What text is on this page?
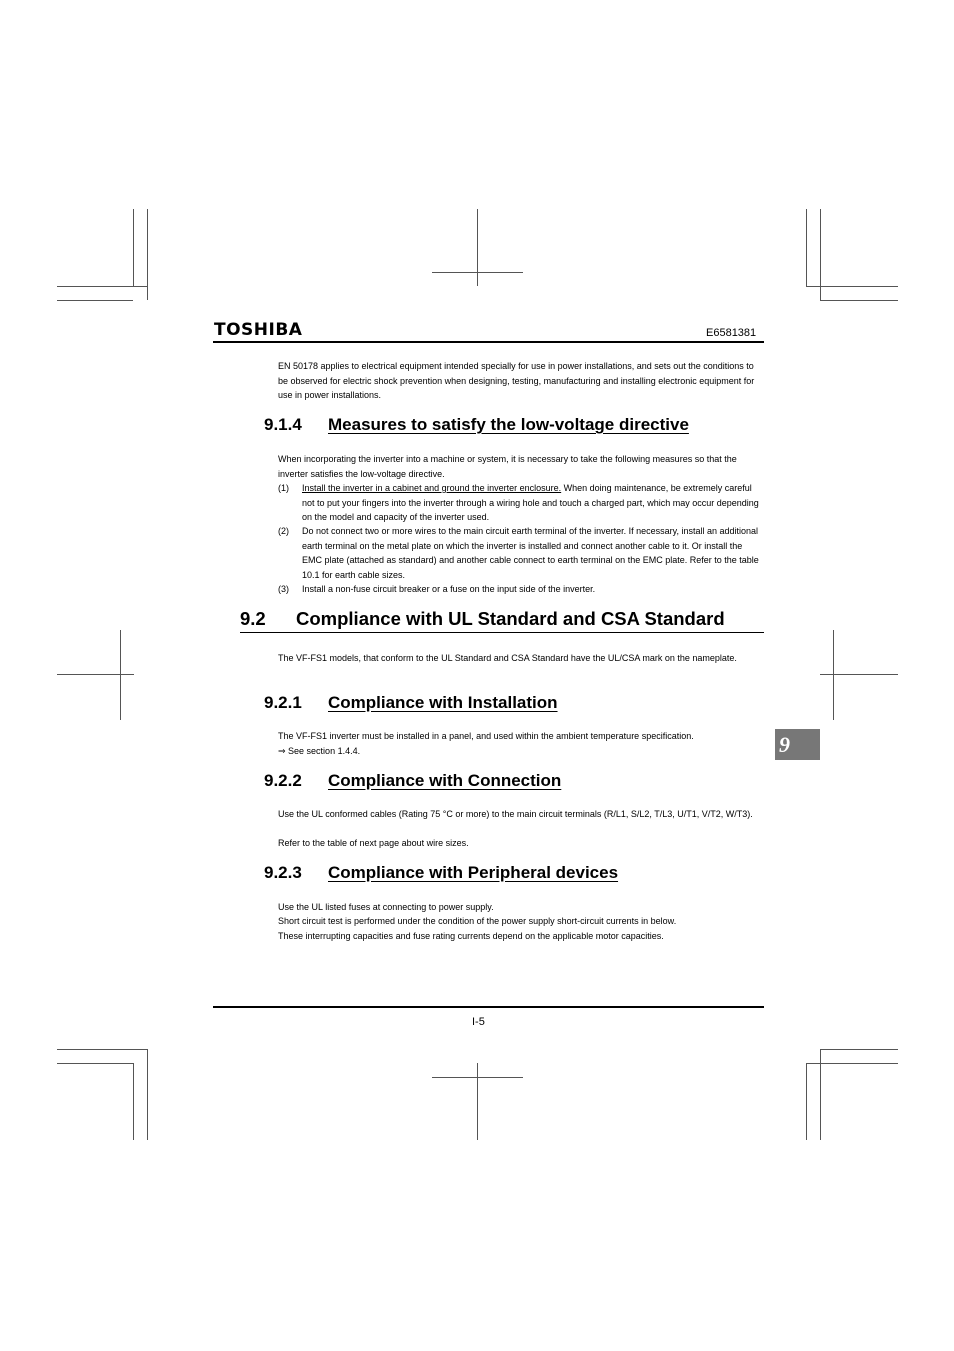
TOSHIBA	E6581381

EN 50178 applies to electrical equipment intended specially for use in power installations, and sets out the conditions to be observed for electric shock prevention when designing, testing, manufacturing and installing electronic equipment for use in power installations.

9.1.4 Measures to satisfy the low-voltage directive

When incorporating the inverter into a machine or system, it is necessary to take the following measures so that the inverter satisfies the low-voltage directive.

(1) Install the inverter in a cabinet and ground the inverter enclosure. When doing maintenance, be extremely careful not to put your fingers into the inverter through a wiring hole and touch a charged part, which may occur depending on the model and capacity of the inverter used.
(2) Do not connect two or more wires to the main circuit earth terminal of the inverter. If necessary, install an additional earth terminal on the metal plate on which the inverter is installed and connect another cable to it. Or install the EMC plate (attached as standard) and another cable connect to earth terminal on the EMC plate. Refer to the table 10.1 for earth cable sizes.
(3) Install a non-fuse circuit breaker or a fuse on the input side of the inverter.
9.2 Compliance with UL Standard and CSA Standard

The VF-FS1 models, that conform to the UL Standard and CSA Standard have the UL/CSA mark on the nameplate.

9.2.1 Compliance with Installation

The VF-FS1 inverter must be installed in a panel, and used within the ambient temperature specification.

⇒ See section 1.4.4.	9
9.2.2 Compliance with Connection

Use the UL conformed cables (Rating 75 °C or more) to the main circuit terminals (R/L1, S/L2, T/L3, U/T1, V/T2, W/T3).

Refer to the table of next page about wire sizes.

9.2.3 Compliance with Peripheral devices

Use the UL listed fuses at connecting to power supply.

Short circuit test is performed under the condition of the power supply short-circuit currents in below.

These interrupting capacities and fuse rating currents depend on the applicable motor capacities.

I-5
